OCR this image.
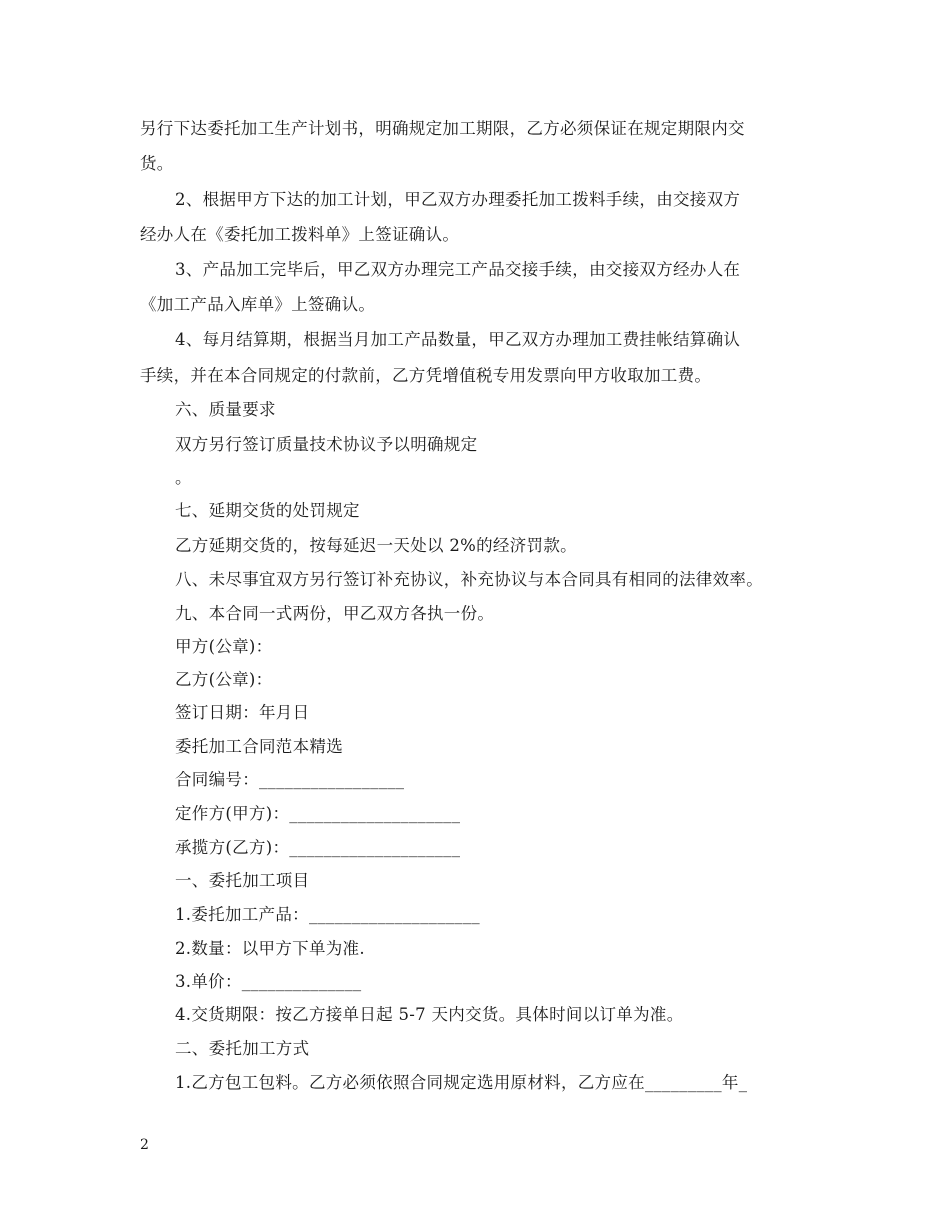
另行下达委托加工生产计划书，明确规定加工期限，乙方必须保证在规定期限内交
货。
2、根据甲方下达的加工计划，甲乙双方办理委托加工拨料手续，由交接双方
经办人在《委托加工拨料单》上签证确认。
3、产品加工完毕后，甲乙双方办理完工产品交接手续，由交接双方经办人在
《加工产品入库单》上签确认。
4、每月结算期，根据当月加工产品数量，甲乙双方办理加工费挂帐结算确认
手续，并在本合同规定的付款前，乙方凭增值税专用发票向甲方收取加工费。
六、质量要求
双方另行签订质量技术协议予以明确规定
。
七、延期交货的处罚规定
乙方延期交货的，按每延迟一天处以 2%的经济罚款。
八、未尽事宜双方另行签订补充协议，补充协议与本合同具有相同的法律效率。
九、本合同一式两份，甲乙双方各执一份。
甲方(公章)：
乙方(公章)：
签订日期：年月日
委托加工合同范本精选
合同编号：_________________
定作方(甲方)：____________________
承揽方(乙方)：____________________
一、委托加工项目
1.委托加工产品：____________________
2.数量：以甲方下单为准.
3.单价：______________
4.交货期限：按乙方接单日起 5-7 天内交货。具体时间以订单为准。
二、委托加工方式
1.乙方包工包料。乙方必须依照合同规定选用原材料，乙方应在_________年_
2
